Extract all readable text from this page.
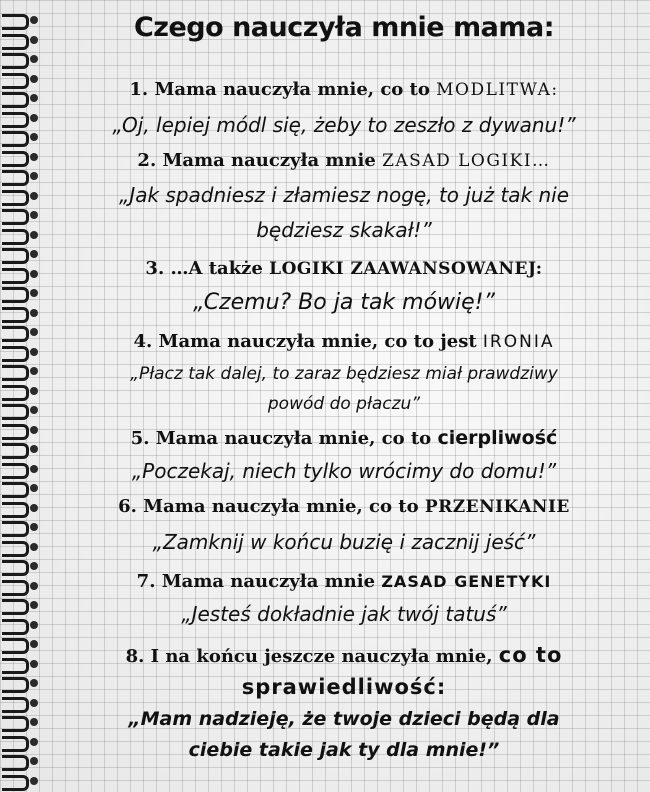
Czego nauczyła mnie mama:
1. Mama nauczyła mnie, co to MODLITWA:
„Oj, lepiej módl się, żeby to zeszło z dywanu!”
2. Mama nauczyła mnie ZASAD LOGIKI…
„Jak spadniesz i złamiesz nogę, to już tak nie
będziesz skakał!”
3. …A także LOGIKI ZAAWANSOWANEJ:
„Czemu? Bo ja tak mówię!”
4. Mama nauczyła mnie, co to jest IRONIA
„Płacz tak dalej, to zaraz będziesz miał prawdziwy
powód do płaczu”
5. Mama nauczyła mnie, co to cierpliwość
„Poczekaj, niech tylko wrócimy do domu!”
6. Mama nauczyła mnie, co to PRZENIKANIE
„Zamknij w końcu buzię i zacznij jeść”
7. Mama nauczyła mnie ZASAD GENETYKI
„Jesteś dokładnie jak twój tatuś”
8. I na końcu jeszcze nauczyła mnie, co to
sprawiedliwość:
„Mam nadzieję, że twoje dzieci będą dla
ciebie takie jak ty dla mnie!”
